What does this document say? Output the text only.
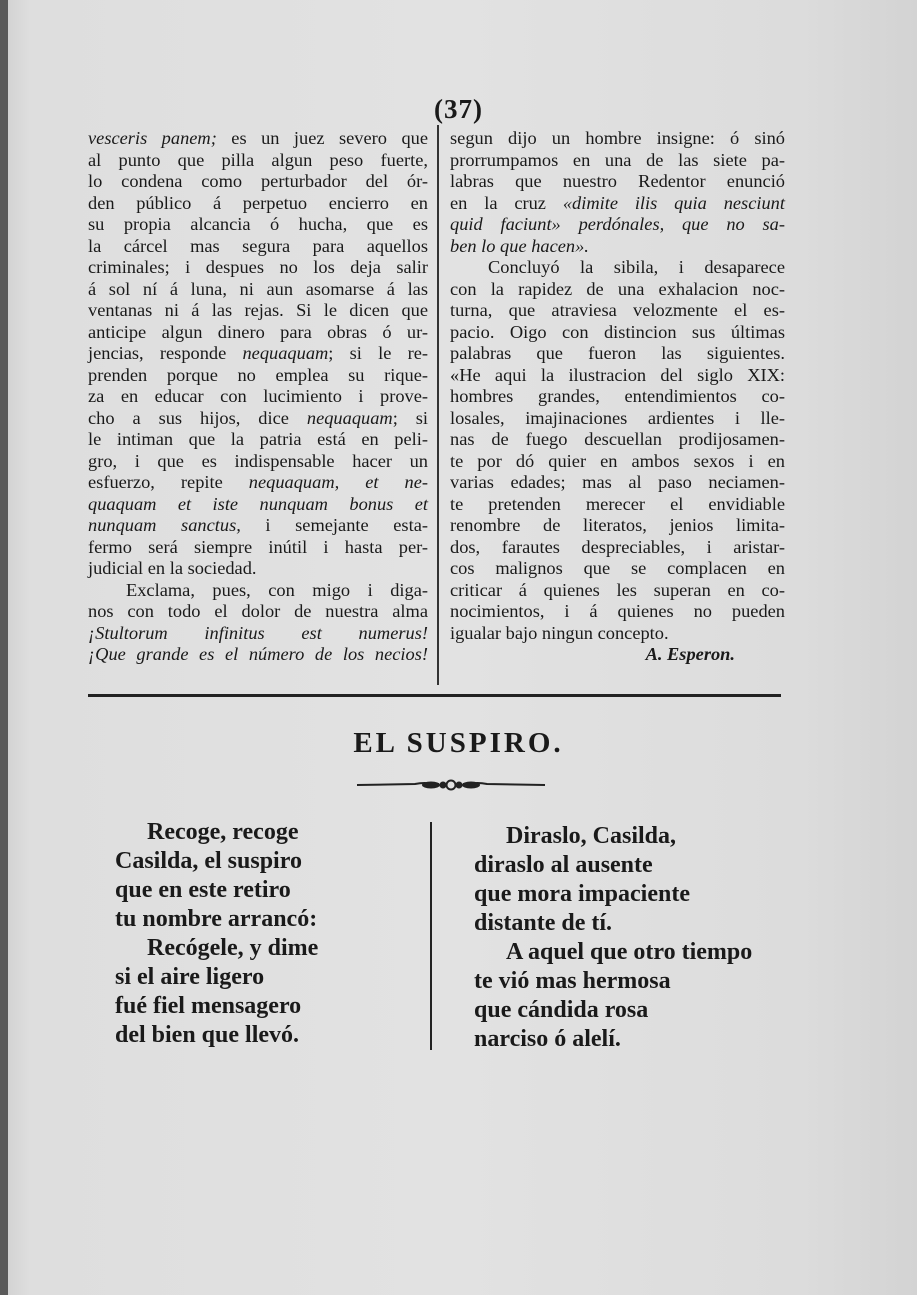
(37)
vesceris panem; es un juez severo que
al punto que pilla algun peso fuerte,
lo condena como perturbador del ór-
den público á perpetuo encierro en
su propia alcancia ó hucha, que es
la cárcel mas segura para aquellos
criminales; i despues no los deja salir
á sol ní á luna, ni aun asomarse á las
ventanas ni á las rejas. Si le dicen que
anticipe algun dinero para obras ó ur-
jencias, responde nequaquam; si le re-
prenden porque no emplea su rique-
za en educar con lucimiento i prove-
cho a sus hijos, dice nequaquam; si
le intiman que la patria está en peli-
gro, i que es indispensable hacer un
esfuerzo, repite nequaquam, et ne-
quaquam et iste nunquam bonus et
nunquam sanctus, i semejante esta-
fermo será siempre inútil i hasta per-
judicial en la sociedad.
Exclama, pues, con migo i diga-
nos con todo el dolor de nuestra alma
¡Stultorum infinitus est numerus!
¡Que grande es el número de los necios!
segun dijo un hombre insigne: ó sinó
prorrumpamos en una de las siete pa-
labras que nuestro Redentor enunció
en la cruz «dimite ilis quia nesciunt
quid faciunt» perdónales, que no sa-
ben lo que hacen».
Concluyó la sibila, i desaparece
con la rapidez de una exhalacion noc-
turna, que atraviesa velozmente el es-
pacio. Oigo con distincion sus últimas
palabras que fueron las siguientes.
«He aqui la ilustracion del siglo XIX:
hombres grandes, entendimientos co-
losales, imajinaciones ardientes i lle-
nas de fuego descuellan prodijosamen-
te por dó quier en ambos sexos i en
varias edades; mas al paso neciamen-
te pretenden merecer el envidiable
renombre de literatos, jenios limita-
dos, farautes despreciables, i aristar-
cos malignos que se complacen en
criticar á quienes les superan en co-
nocimientos, i á quienes no pueden
igualar bajo ningun concepto.
A. Esperon.
EL SUSPIRO.
Recoge, recoge
Casilda, el suspiro
que en este retiro
tu nombre arrancó:
Recógele, y dime
si el aire ligero
fué fiel mensagero
del bien que llevó.
Diraslo, Casilda,
diraslo al ausente
que mora impaciente
distante de tí.
A aquel que otro tiempo
te vió mas hermosa
que cándida rosa
narciso ó alelí.
